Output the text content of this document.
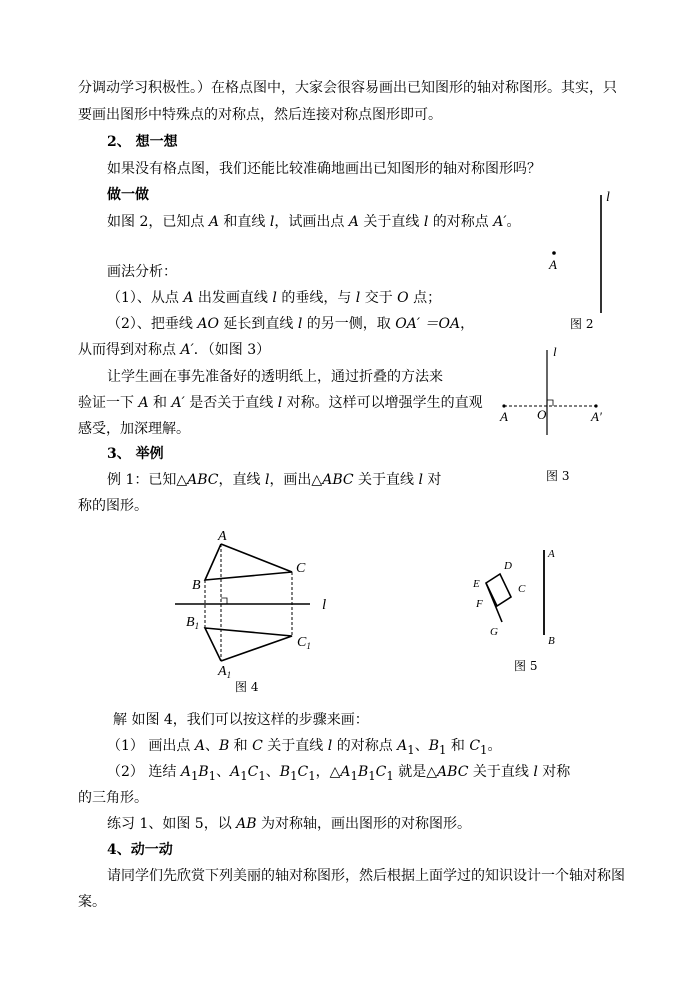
分调动学习积极性。）在格点图中，大家会很容易画出已知图形的轴对称图形。其实，只
要画出图形中特殊点的对称点，然后连接对称点图形即可。
2、 想一想
如果没有格点图，我们还能比较准确地画出已知图形的轴对称图形吗？
做一做
如图 2，已知点 A 和直线 l，试画出点 A 关于直线 l 的对称点 A′。
画法分析：
（1）、从点 A 出发画直线 l 的垂线，与 l 交于 O 点；
（2）、把垂线 AO 延长到直线 l 的另一侧，取 OA′ ＝OA，
从而得到对称点 A′．（如图 3）
让学生画在事先准备好的透明纸上，通过折叠的方法来
验证一下 A 和 A′ 是否关于直线 l 对称。这样可以增强学生的直观
感受，加深理解。
3、 举例
例 1：已知△ABC，直线 l，画出△ABC 关于直线 l 对
称的图形。
解 如图 4，我们可以按这样的步骤来画：
（1） 画出点 A、B 和 C 关于直线 l 的对称点 $A_1$、$B_1$ 和 $C_1$。
（2） 连结 $A_1B_1$、$A_1C_1$、$B_1C_1$，$\triangle A_1B_1C_1$ 就是△ABC 关于直线 l 对称
的三角形。
练习 1、如图 5，以 AB 为对称轴，画出图形的对称图形。
4、动一动
请同学们先欣赏下列美丽的轴对称图形，然后根据上面学过的知识设计一个轴对称图
案。
l
A
图 2
l
A O	A′
图 3
l
A
B
C
$B_1$
$C_1$
$A_1$
图 4
A
B
D
E	C
F
G
图 5
